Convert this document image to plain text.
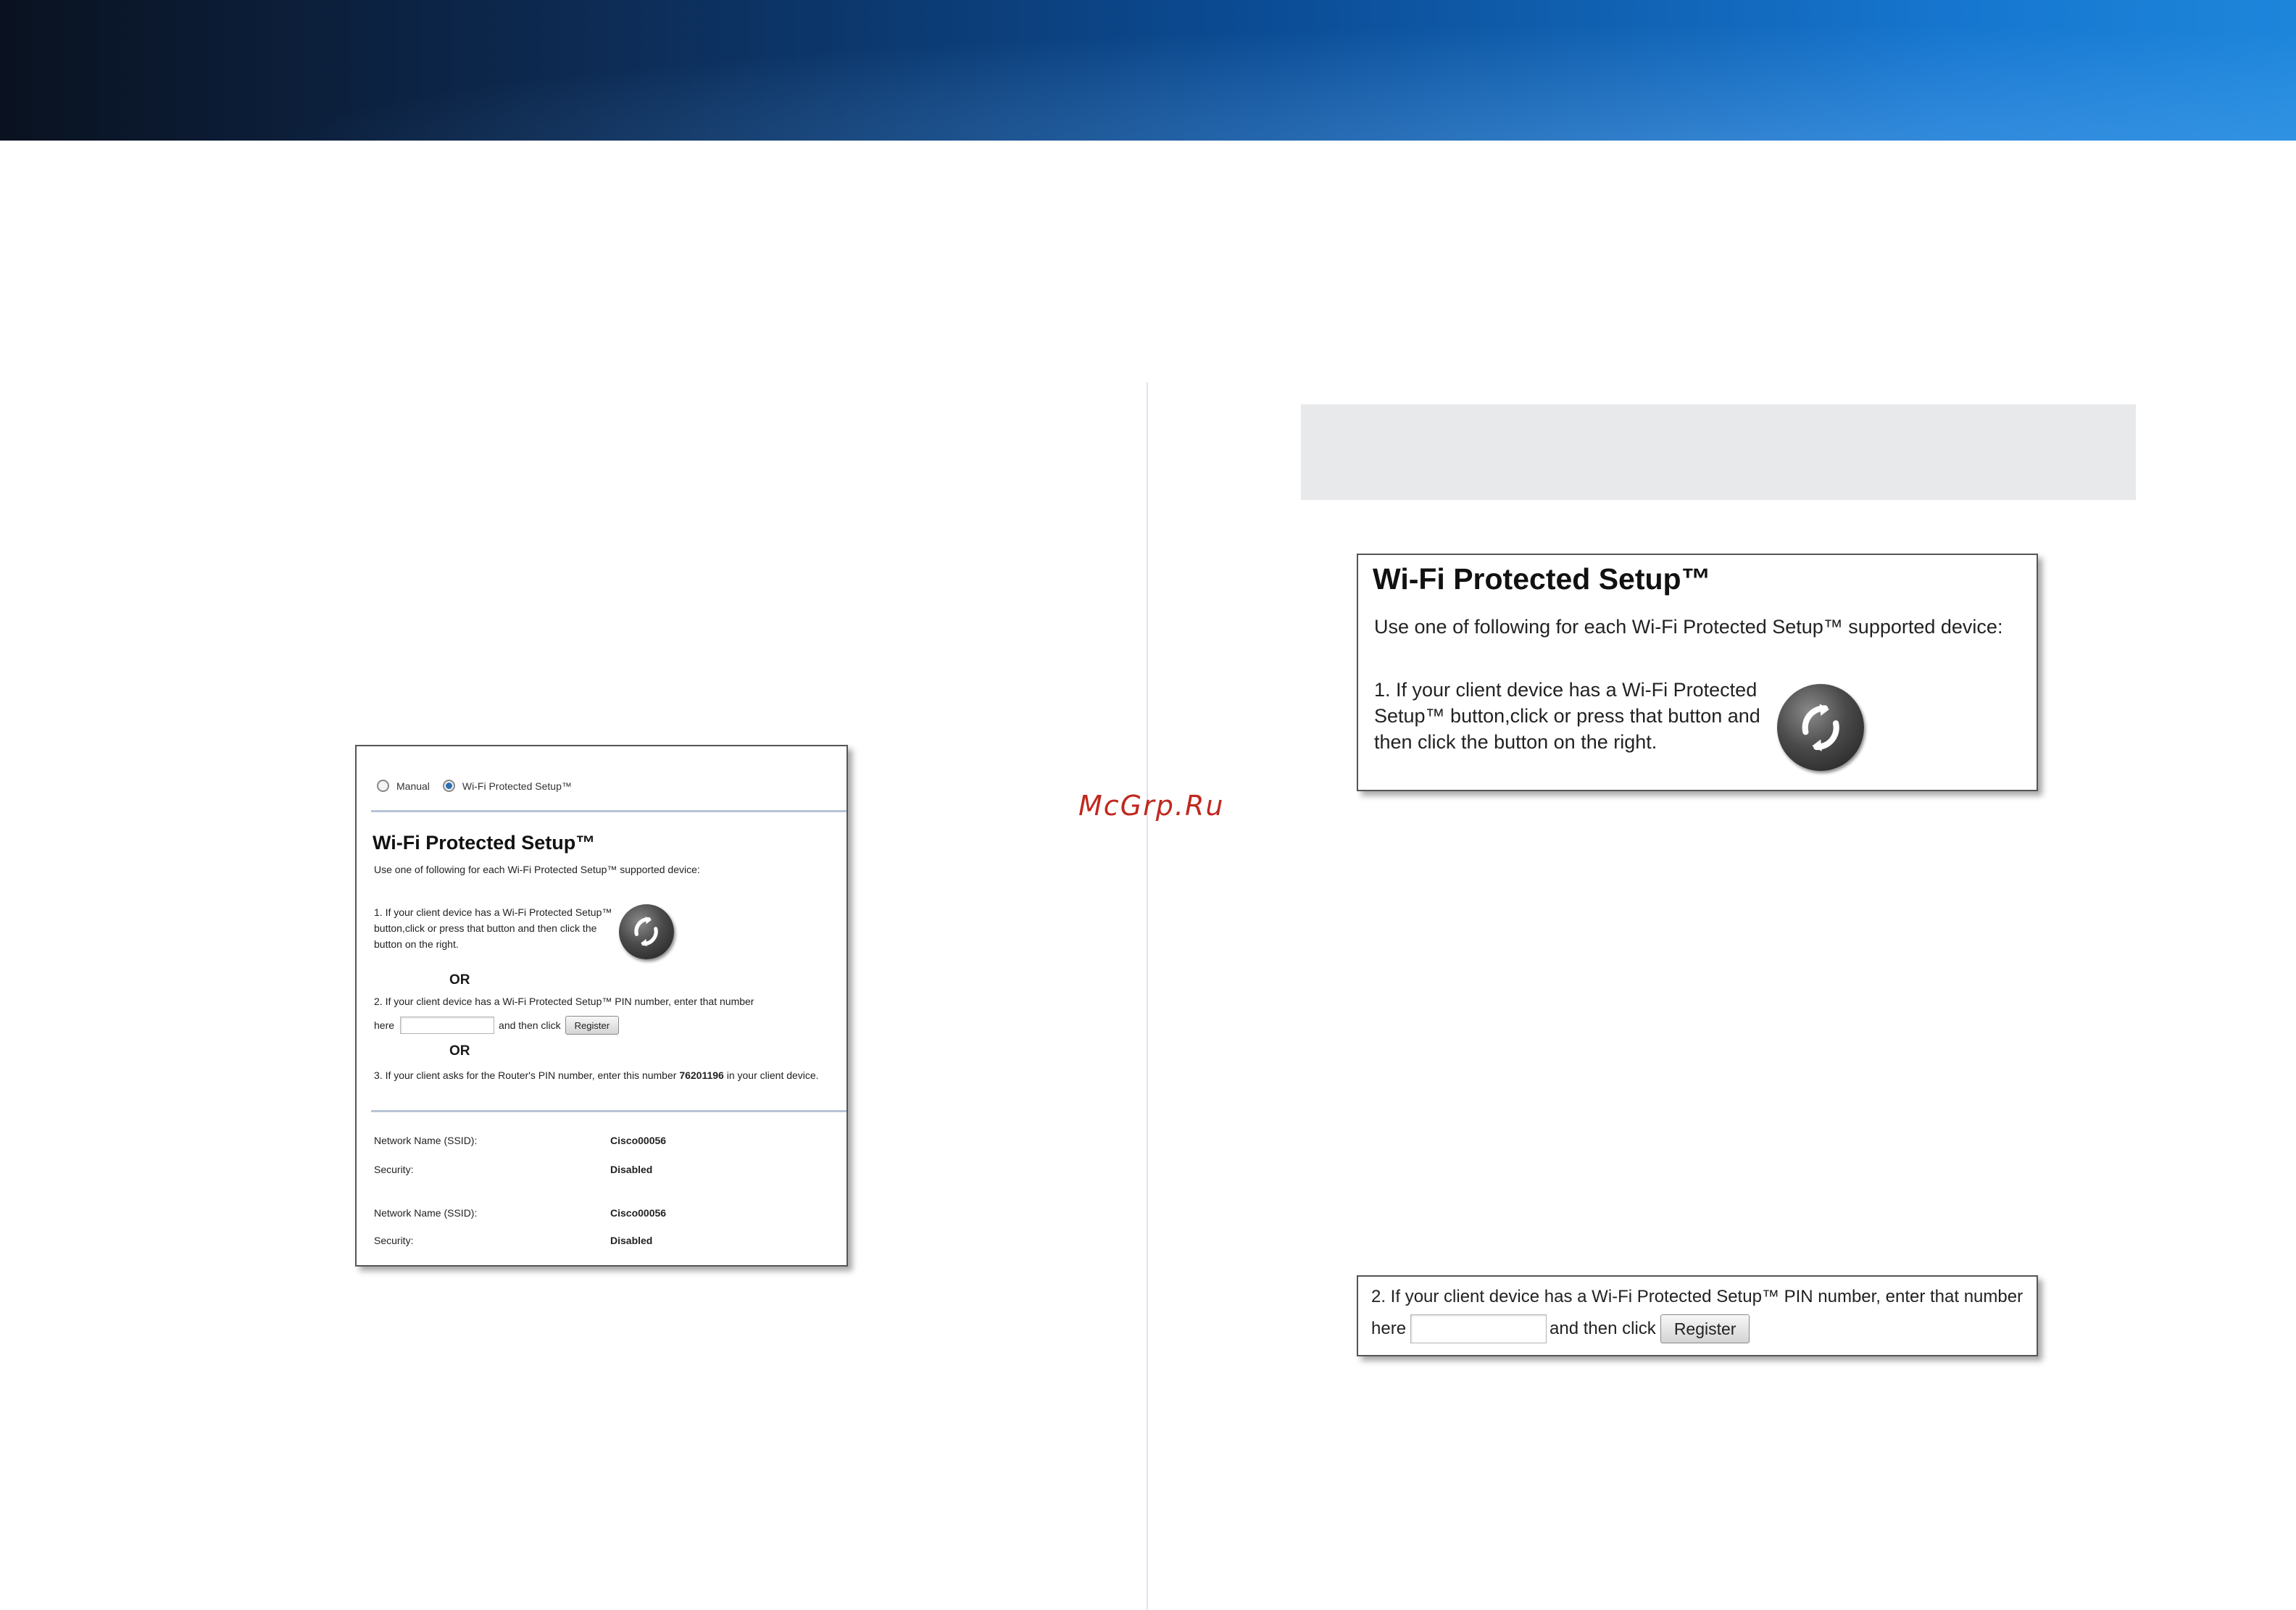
McGrp.Ru
Manual	Wi-Fi Protected Setup™
Wi-Fi Protected Setup™
Use one of following for each Wi-Fi Protected Setup™ supported device:
1. If your client device has a Wi-Fi Protected Setup™ button,click or press that button and then click the button on the right.
OR
2. If your client device has a Wi-Fi Protected Setup™ PIN number, enter that number
here	and then click	Register
OR
3. If your client asks for the Router's PIN number, enter this number 76201196 in your client device.
Network Name (SSID):	Cisco00056
Security:	Disabled
Network Name (SSID):	Cisco00056
Security:	Disabled
Wi-Fi Protected Setup™
Use one of following for each Wi-Fi Protected Setup™ supported device:
1. If your client device has a Wi-Fi Protected Setup™ button,click or press that button and then click the button on the right.
2. If your client device has a Wi-Fi Protected Setup™ PIN number, enter that number
here	and then click	Register
